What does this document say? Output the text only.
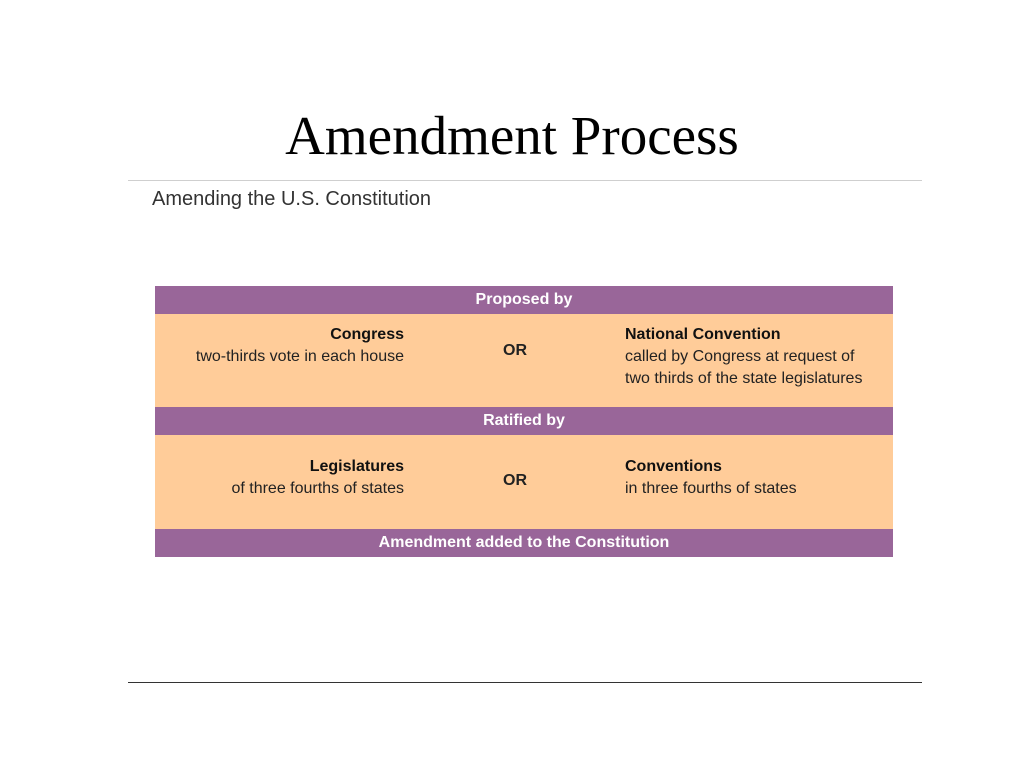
Amendment Process
Amending the U.S. Constitution
Proposed by
Congress
two-thirds vote in each house	OR
National Convention
called by Congress at request of
two thirds of the state legislatures
Ratified by
Legislatures
of three fourths of states	OR
Conventions
in three fourths of states
Amendment added to the Constitution
